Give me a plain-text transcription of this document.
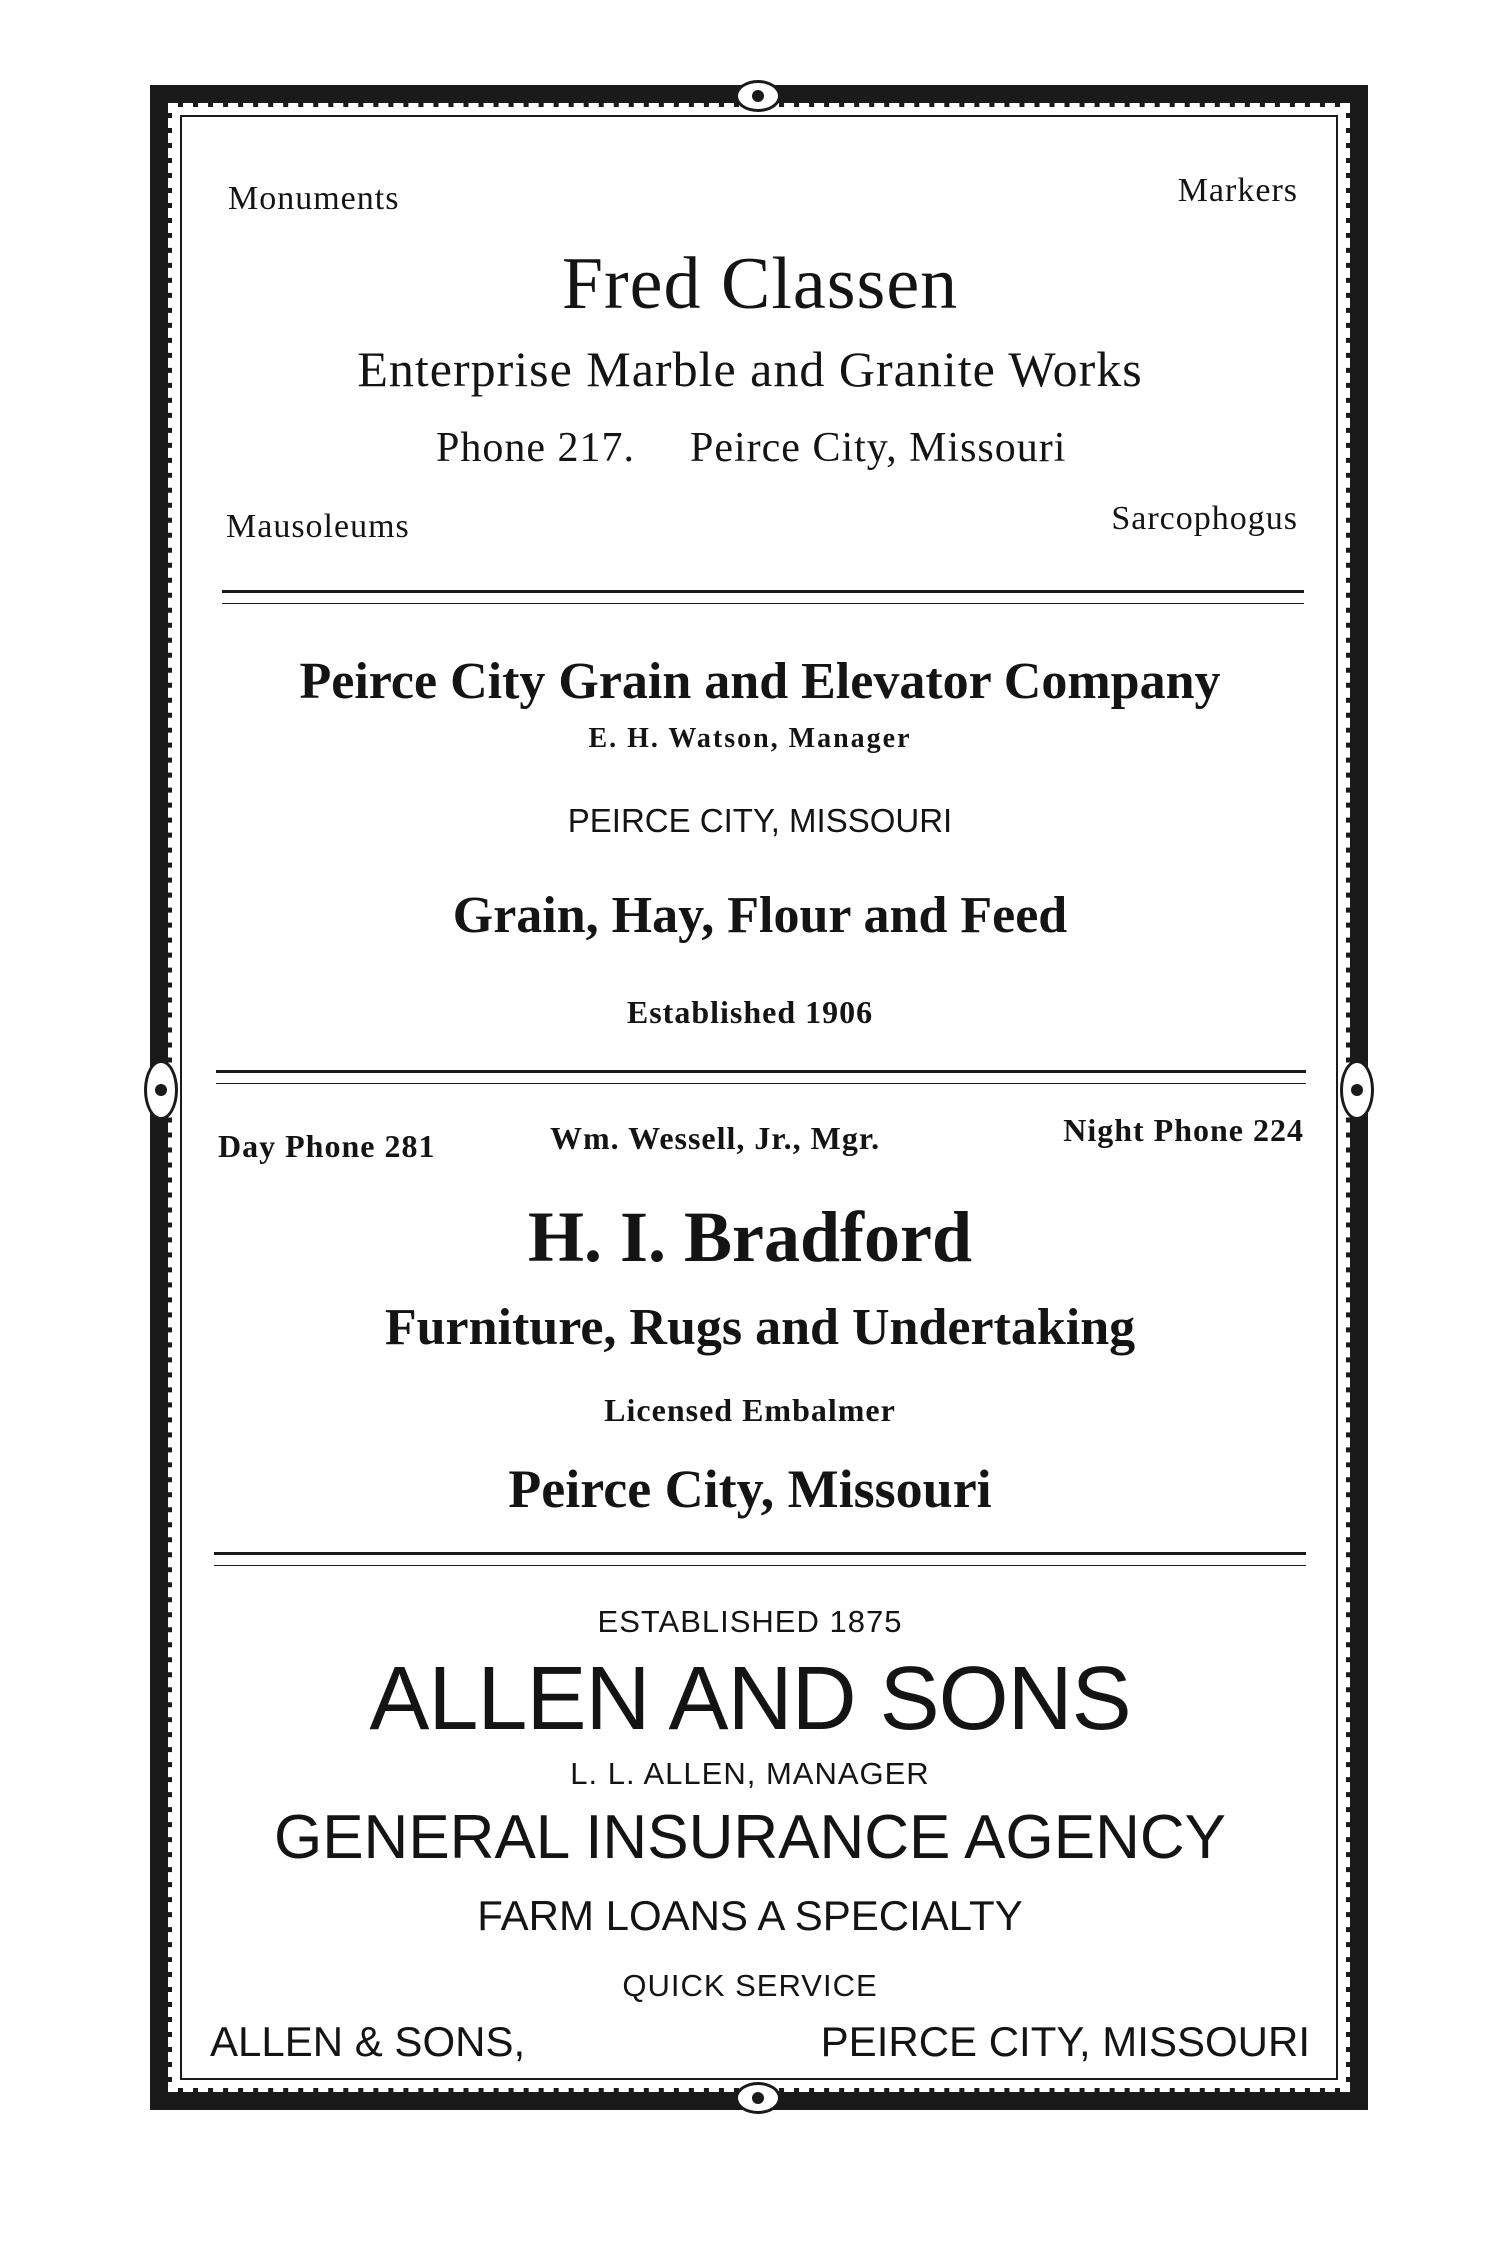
Monuments	Markers
Fred Classen
Enterprise Marble and Granite Works
Phone 217. Peirce City, Missouri
Mausoleums	Sarcophogus
Peirce City Grain and Elevator Company
E. H. Watson, Manager
PEIRCE CITY, MISSOURI
Grain, Hay, Flour and Feed
Established 1906
Day Phone 281	Wm. Wessell, Jr., Mgr.	Night Phone 224
H. I. Bradford
Furniture, Rugs and Undertaking
Licensed Embalmer
Peirce City, Missouri
ESTABLISHED 1875
ALLEN AND SONS
L. L. ALLEN, MANAGER
GENERAL INSURANCE AGENCY
FARM LOANS A SPECIALTY
QUICK SERVICE
ALLEN & SONS,	PEIRCE CITY, MISSOURI
